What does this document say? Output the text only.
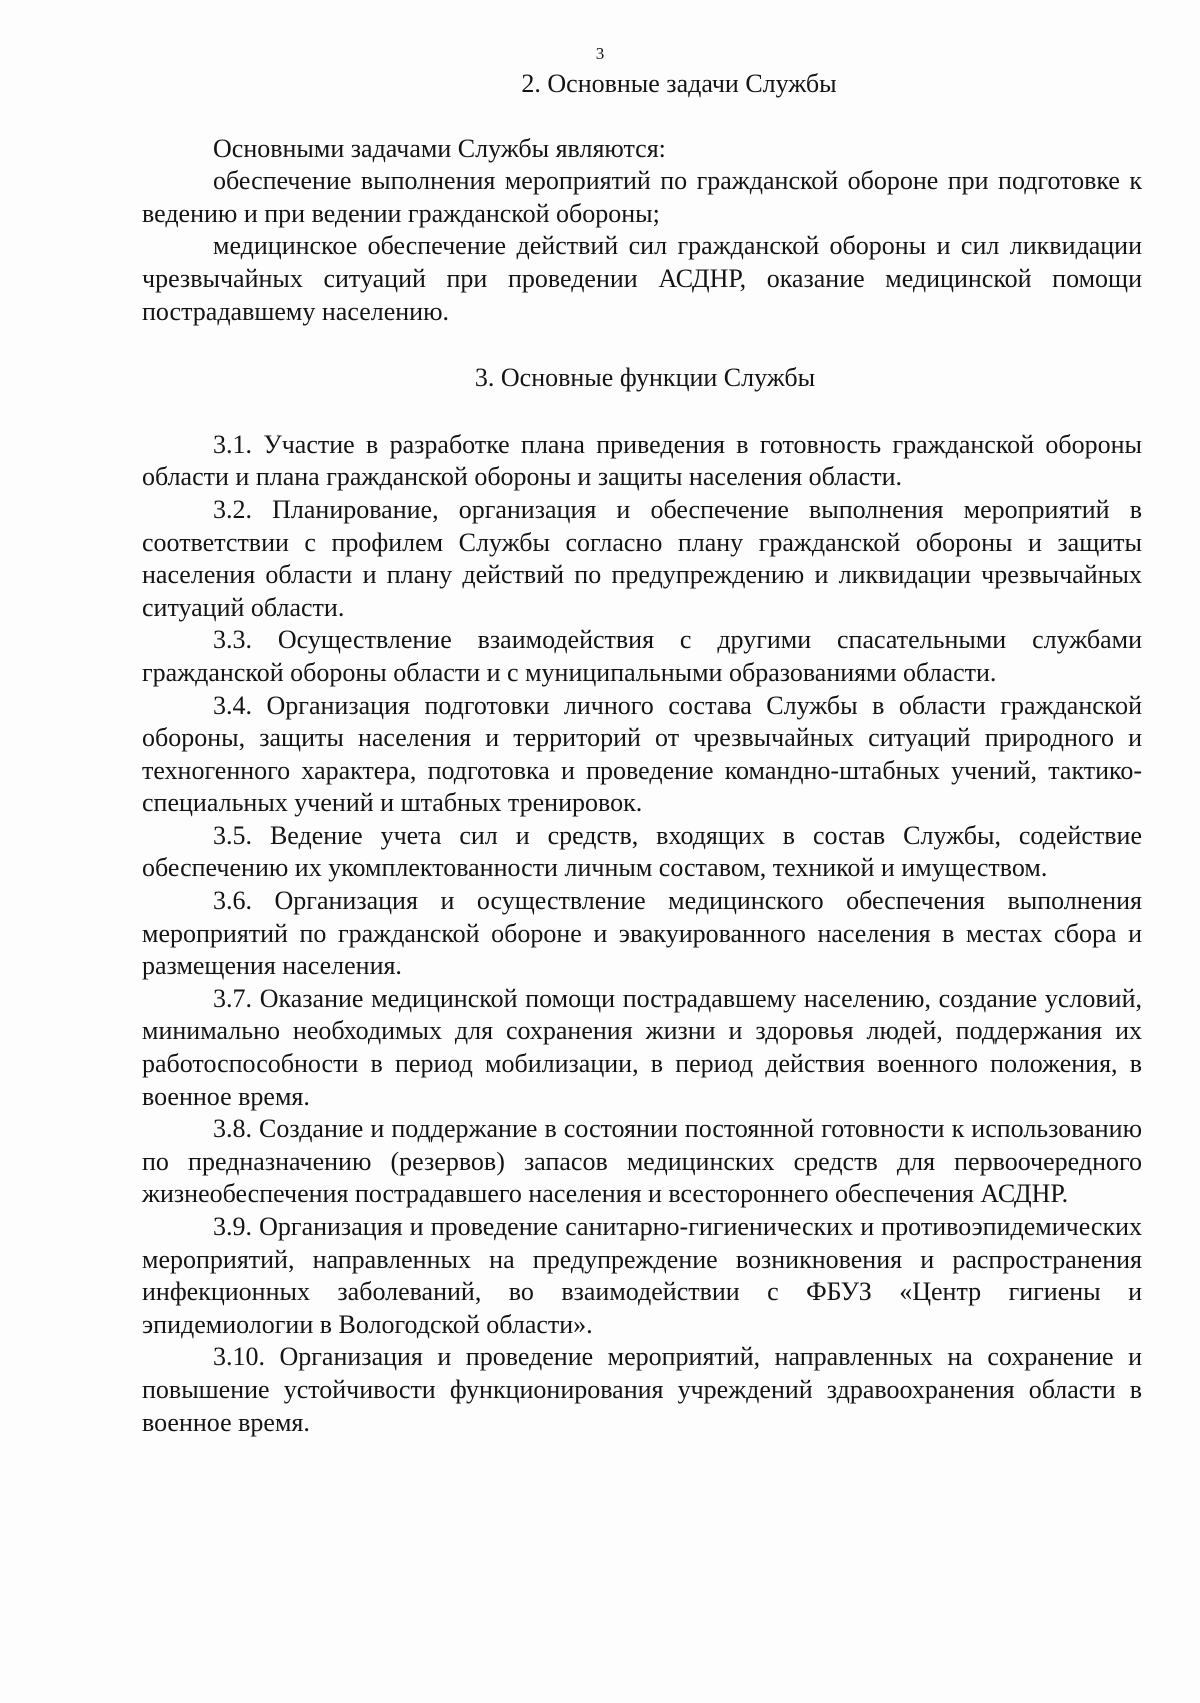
3
2. Основные задачи Службы

Основными задачами Службы являются:

обеспечение выполнения мероприятий по гражданской обороне при подготовке к ведению и при ведении гражданской обороны;

медицинское обеспечение действий сил гражданской обороны и сил ликвидации чрезвычайных ситуаций при проведении АСДНР, оказание медицинской помощи пострадавшему населению.

3. Основные функции Службы

3.1. Участие в разработке плана приведения в готовность гражданской обороны области и плана гражданской обороны и защиты населения области.

3.2. Планирование, организация и обеспечение выполнения мероприятий в соответствии с профилем Службы согласно плану гражданской обороны и защиты населения области и плану действий по предупреждению и ликвидации чрезвычайных ситуаций области.

3.3. Осуществление взаимодействия с другими спасательными службами гражданской обороны области и с муниципальными образованиями области.

3.4. Организация подготовки личного состава Службы в области гражданской обороны, защиты населения и территорий от чрезвычайных ситуаций природного и техногенного характера, подготовка и проведение командно-штабных учений, тактико-специальных учений и штабных тренировок.

3.5. Ведение учета сил и средств, входящих в состав Службы, содействие обеспечению их укомплектованности личным составом, техникой и имуществом.

3.6. Организация и осуществление медицинского обеспечения выполнения мероприятий по гражданской обороне и эвакуированного населения в местах сбора и размещения населения.

3.7. Оказание медицинской помощи пострадавшему населению, создание условий, минимально необходимых для сохранения жизни и здоровья людей, поддержания их работоспособности в период мобилизации, в период действия военного положения, в военное время.

3.8. Создание и поддержание в состоянии постоянной готовности к использованию по предназначению (резервов) запасов медицинских средств для первоочередного жизнеобеспечения пострадавшего населения и всестороннего обеспечения АСДНР.

3.9. Организация и проведение санитарно-гигиенических и противоэпидемических мероприятий, направленных на предупреждение возникновения и распространения инфекционных заболеваний, во взаимодействии с ФБУЗ «Центр гигиены и эпидемиологии в Вологодской области».

3.10. Организация и проведение мероприятий, направленных на сохранение и повышение устойчивости функционирования учреждений здравоохранения области в военное время.
